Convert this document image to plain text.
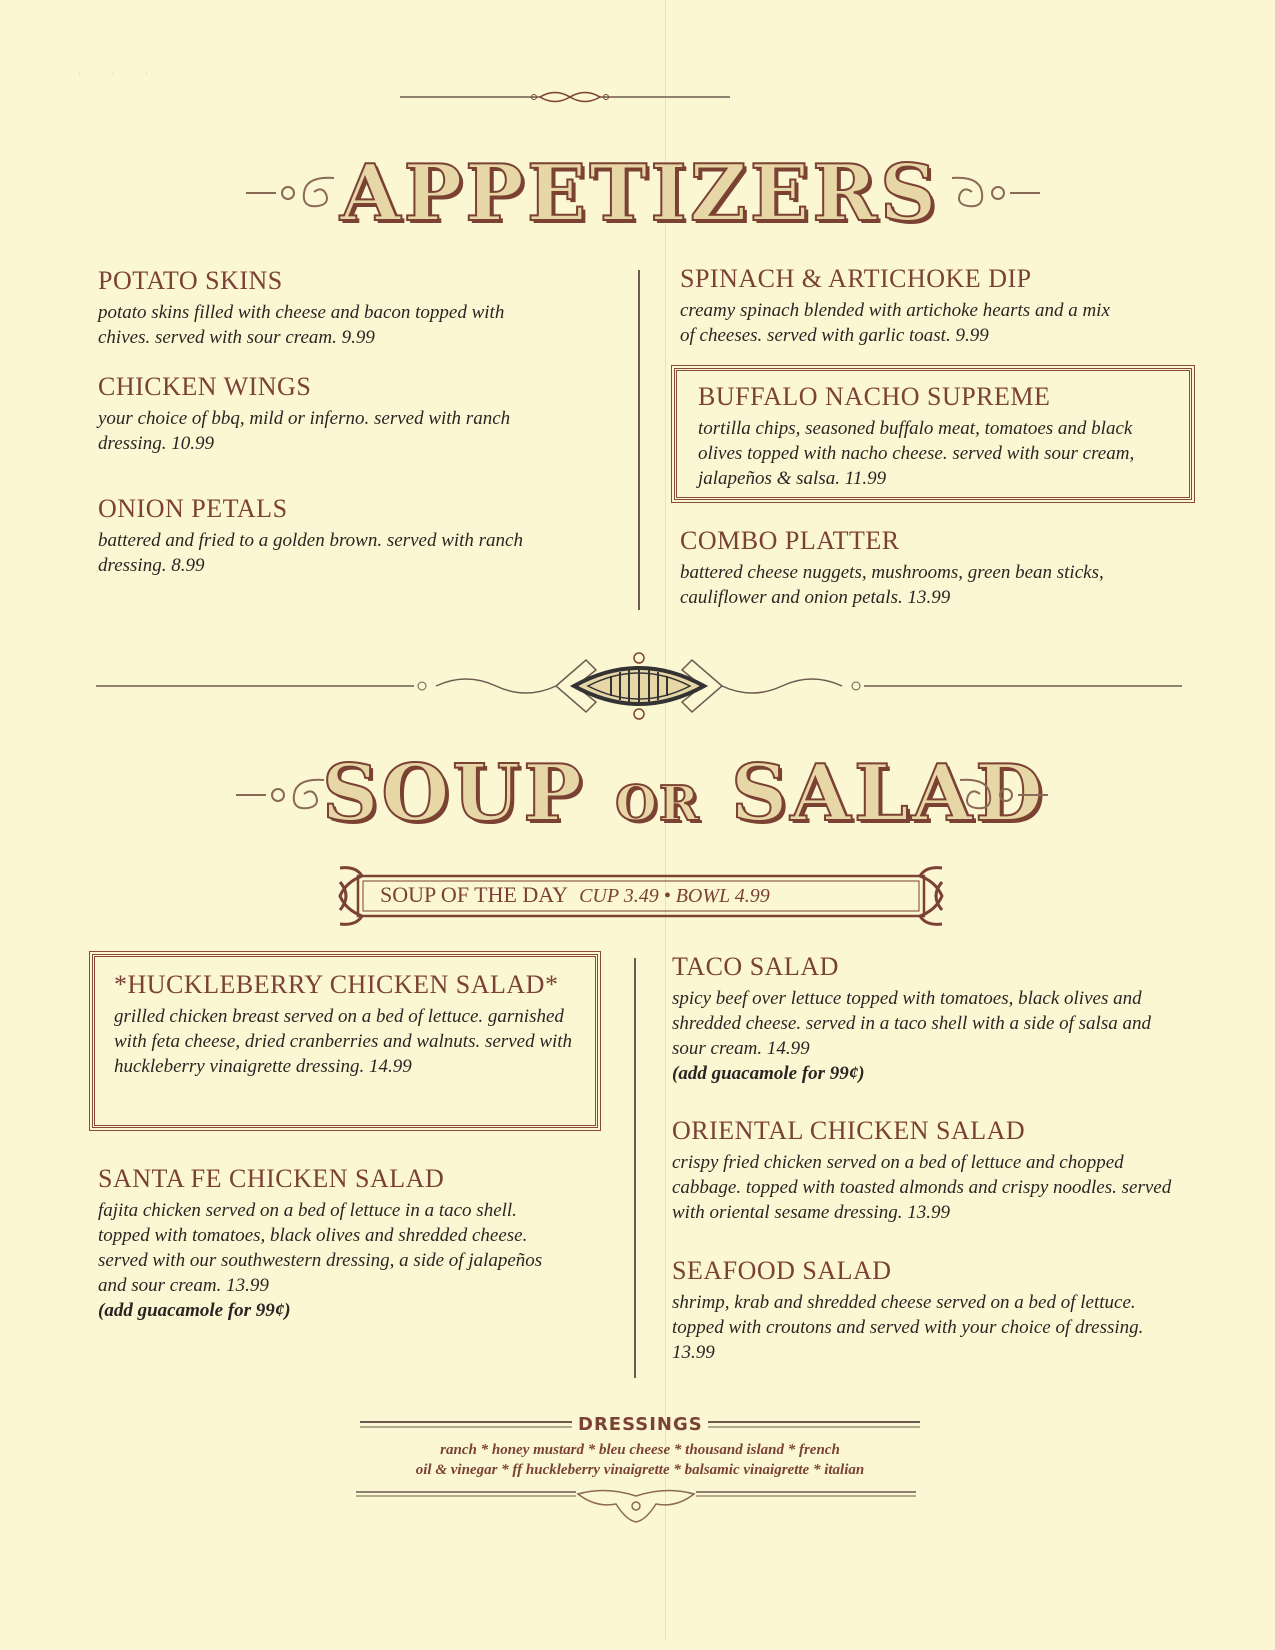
· · ·
APPETIZERS
POTATO SKINS

potato skins filled with cheese and bacon topped with chives. served with sour cream. 9.99

CHICKEN WINGS

your choice of bbq, mild or inferno. served with ranch dressing. 10.99

ONION PETALS

battered and fried to a golden brown. served with ranch dressing. 8.99

SPINACH & ARTICHOKE DIP

creamy spinach blended with artichoke hearts and a mix of cheeses. served with garlic toast. 9.99

BUFFALO NACHO SUPREME

tortilla chips, seasoned buffalo meat, tomatoes and black olives topped with nacho cheese. served with sour cream, jalapeños & salsa. 11.99

COMBO PLATTER

battered cheese nuggets, mushrooms, green bean sticks, cauliflower and onion petals. 13.99

SOUP OR SALAD
SOUP OF THE DAY CUP 3.49 • BOWL 4.99
*HUCKLEBERRY CHICKEN SALAD*

grilled chicken breast served on a bed of lettuce. garnished with feta cheese, dried cranberries and walnuts. served with huckleberry vinaigrette dressing. 14.99

SANTA FE CHICKEN SALAD

fajita chicken served on a bed of lettuce in a taco shell. topped with tomatoes, black olives and shredded cheese. served with our southwestern dressing, a side of jalapeños and sour cream. 13.99
(add guacamole for 99¢)

TACO SALAD

spicy beef over lettuce topped with tomatoes, black olives and shredded cheese. served in a taco shell with a side of salsa and sour cream. 14.99
(add guacamole for 99¢)

ORIENTAL CHICKEN SALAD

crispy fried chicken served on a bed of lettuce and chopped cabbage. topped with toasted almonds and crispy noodles. served with oriental sesame dressing. 13.99

SEAFOOD SALAD

shrimp, krab and shredded cheese served on a bed of lettuce. topped with croutons and served with your choice of dressing. 13.99

DRESSINGS
ranch * honey mustard * bleu cheese * thousand island * french
oil & vinegar * ff huckleberry vinaigrette * balsamic vinaigrette * italian
